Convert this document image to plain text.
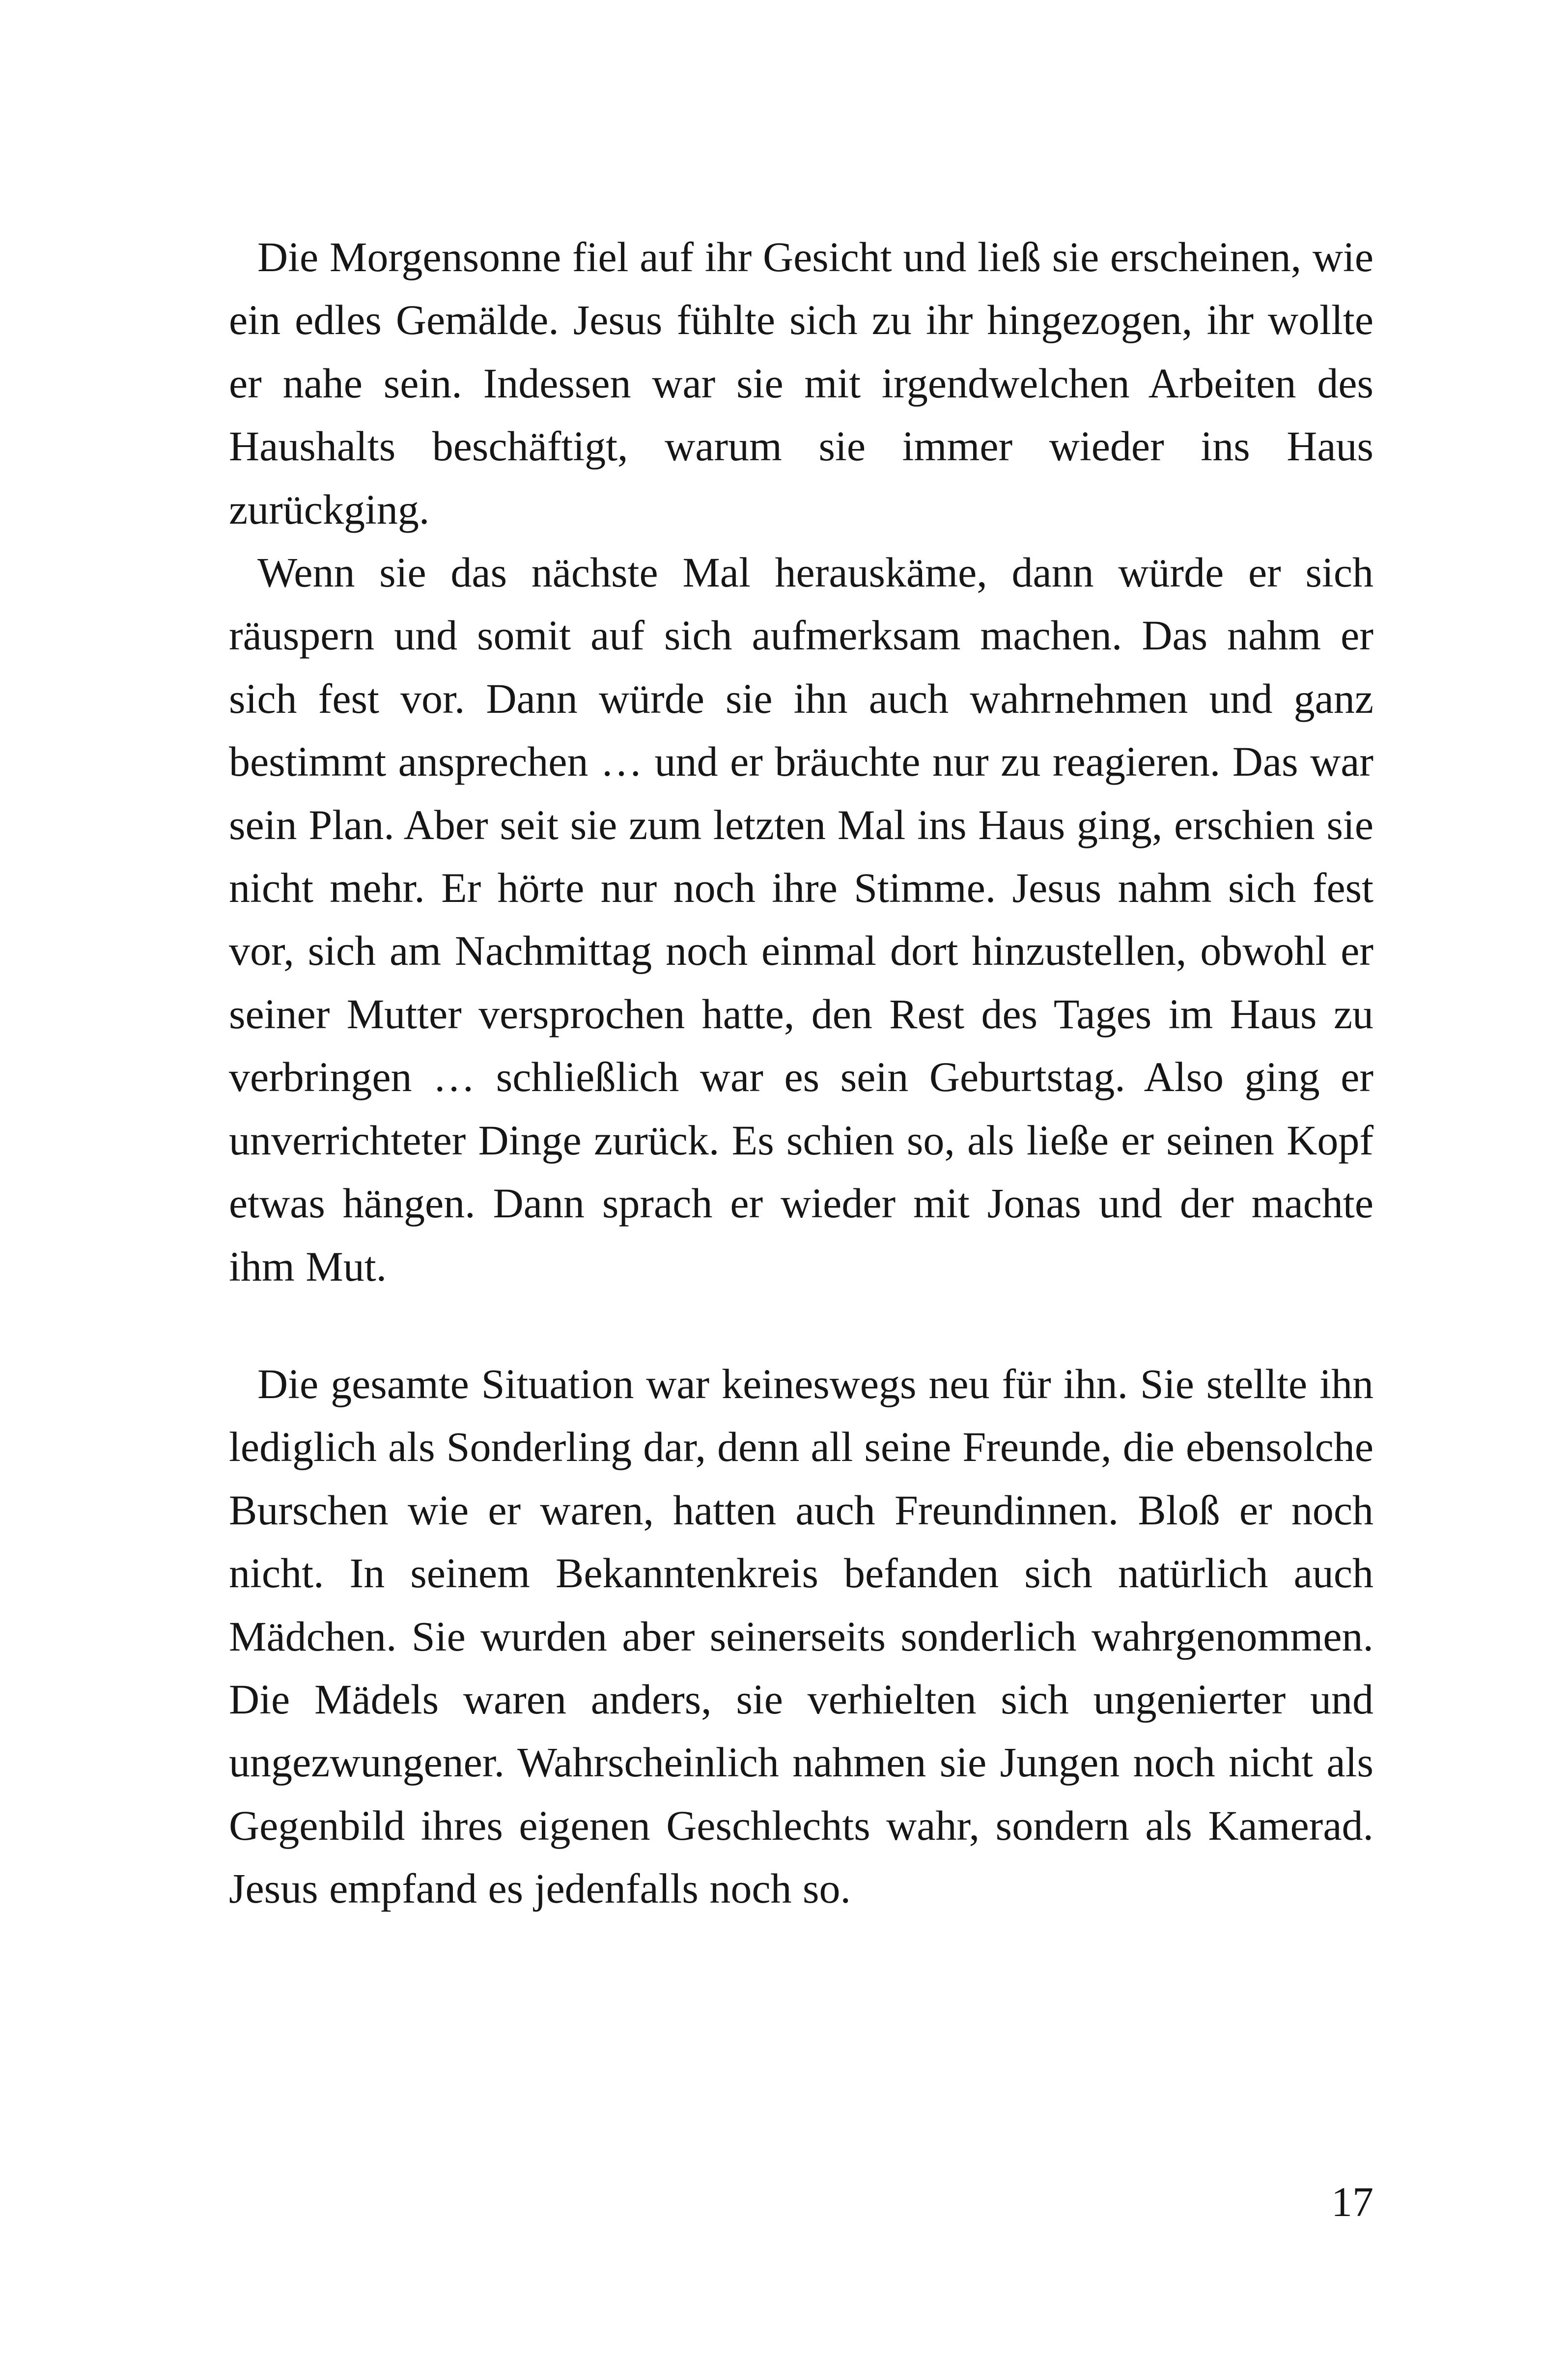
Die Morgensonne fiel auf ihr Gesicht und ließ sie erscheinen, wie ein edles Gemälde. Jesus fühlte sich zu ihr hingezogen, ihr wollte er nahe sein. Indessen war sie mit irgendwelchen Arbeiten des Haushalts beschäftigt, warum sie immer wieder ins Haus zurückging.

Wenn sie das nächste Mal herauskäme, dann würde er sich räuspern und somit auf sich aufmerksam machen. Das nahm er sich fest vor. Dann würde sie ihn auch wahrnehmen und ganz bestimmt ansprechen … und er bräuchte nur zu reagieren. Das war sein Plan. Aber seit sie zum letzten Mal ins Haus ging, erschien sie nicht mehr. Er hörte nur noch ihre Stimme. Jesus nahm sich fest vor, sich am Nachmittag noch einmal dort hinzustellen, obwohl er seiner Mutter versprochen hatte, den Rest des Tages im Haus zu verbringen … schließlich war es sein Geburtstag. Also ging er unverrichteter Dinge zurück. Es schien so, als ließe er seinen Kopf etwas hängen. Dann sprach er wieder mit Jonas und der machte ihm Mut.

Die gesamte Situation war keineswegs neu für ihn. Sie stellte ihn lediglich als Sonderling dar, denn all seine Freunde, die ebensolche Burschen wie er waren, hatten auch Freundinnen. Bloß er noch nicht. In seinem Bekanntenkreis befanden sich natürlich auch Mädchen. Sie wurden aber seinerseits sonderlich wahrgenommen. Die Mädels waren anders, sie verhielten sich ungenierter und ungezwungener. Wahrscheinlich nahmen sie Jungen noch nicht als Gegenbild ihres eigenen Geschlechts wahr, sondern als Kamerad. Jesus empfand es jedenfalls noch so.

17
